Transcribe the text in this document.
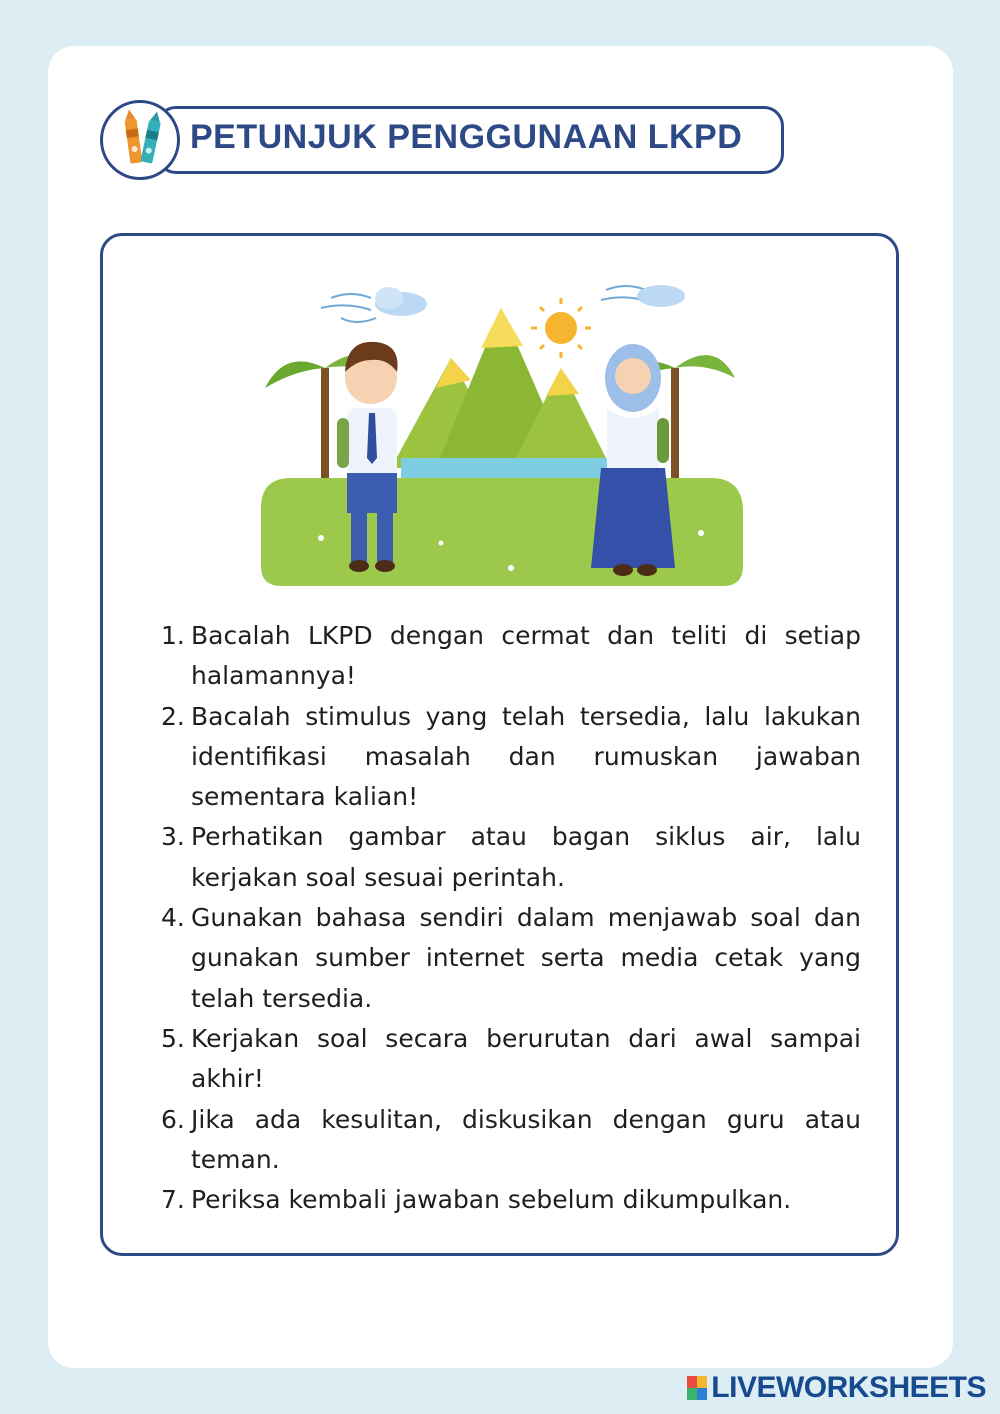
PETUNJUK PENGGUNAAN LKPD
1. Bacalah LKPD dengan cermat dan teliti di setiap halamannya!
2. Bacalah stimulus yang telah tersedia, lalu lakukan identifikasi masalah dan rumuskan jawaban sementara kalian!
3. Perhatikan gambar atau bagan siklus air, lalu kerjakan soal sesuai perintah.
4. Gunakan bahasa sendiri dalam menjawab soal dan gunakan sumber internet serta media cetak yang telah tersedia.
5. Kerjakan soal secara berurutan dari awal sampai akhir!
6. Jika ada kesulitan, diskusikan dengan guru atau teman.
7. Periksa kembali jawaban sebelum dikumpulkan.
LIVEWORKSHEETS
